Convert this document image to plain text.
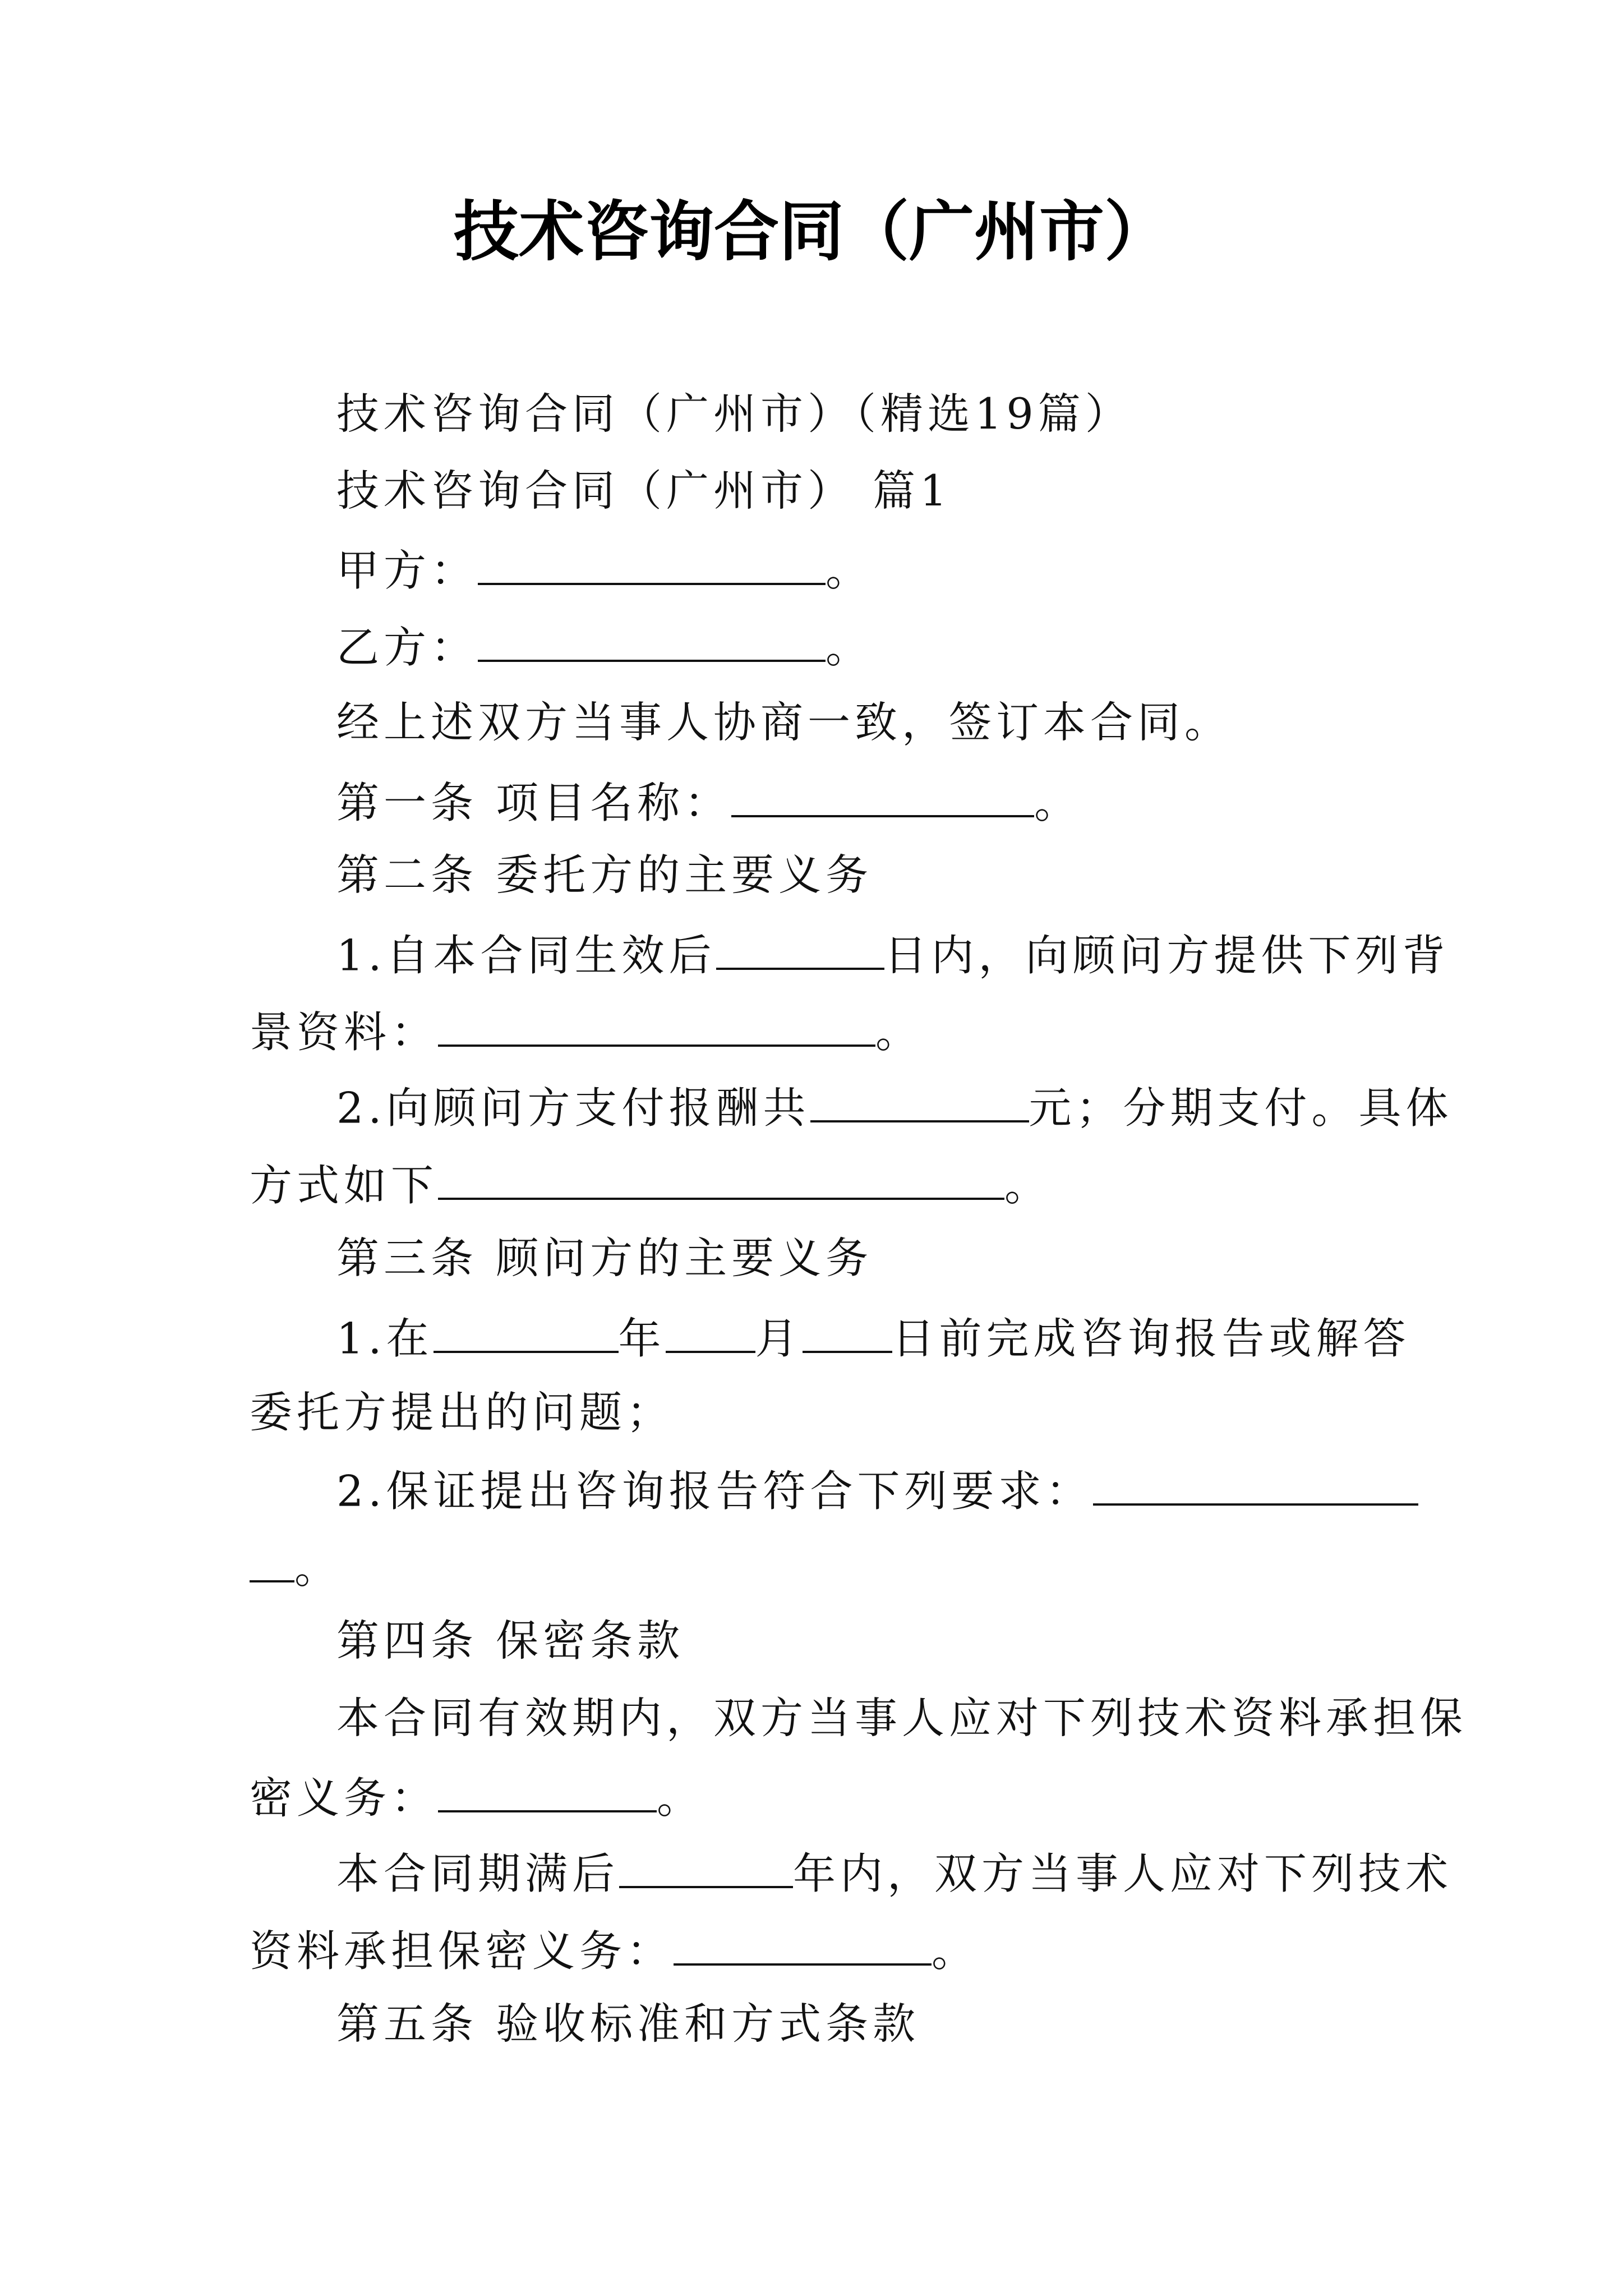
技术咨询合同（广州市）
技术咨询合同（广州市）（精选19篇）
技术咨询合同（广州市） 篇1
甲方：	。
乙方：	。
经上述双方当事人协商一致，签订本合同。
第一条 项目名称：	。
第二条 委托方的主要义务
1.自本合同生效后	日内，向顾问方提供下列背
景资料：	。
2.向顾问方支付报酬共	元；分期支付。具体
方式如下	。
第三条 顾问方的主要义务
1.在	年 月 日前完成咨询报告或解答
委托方提出的问题；
2.保证提出咨询报告符合下列要求：
。
第四条 保密条款
本合同有效期内，双方当事人应对下列技术资料承担保
密义务：	。
本合同期满后	年内，双方当事人应对下列技术
资料承担保密义务：	。
第五条 验收标准和方式条款
